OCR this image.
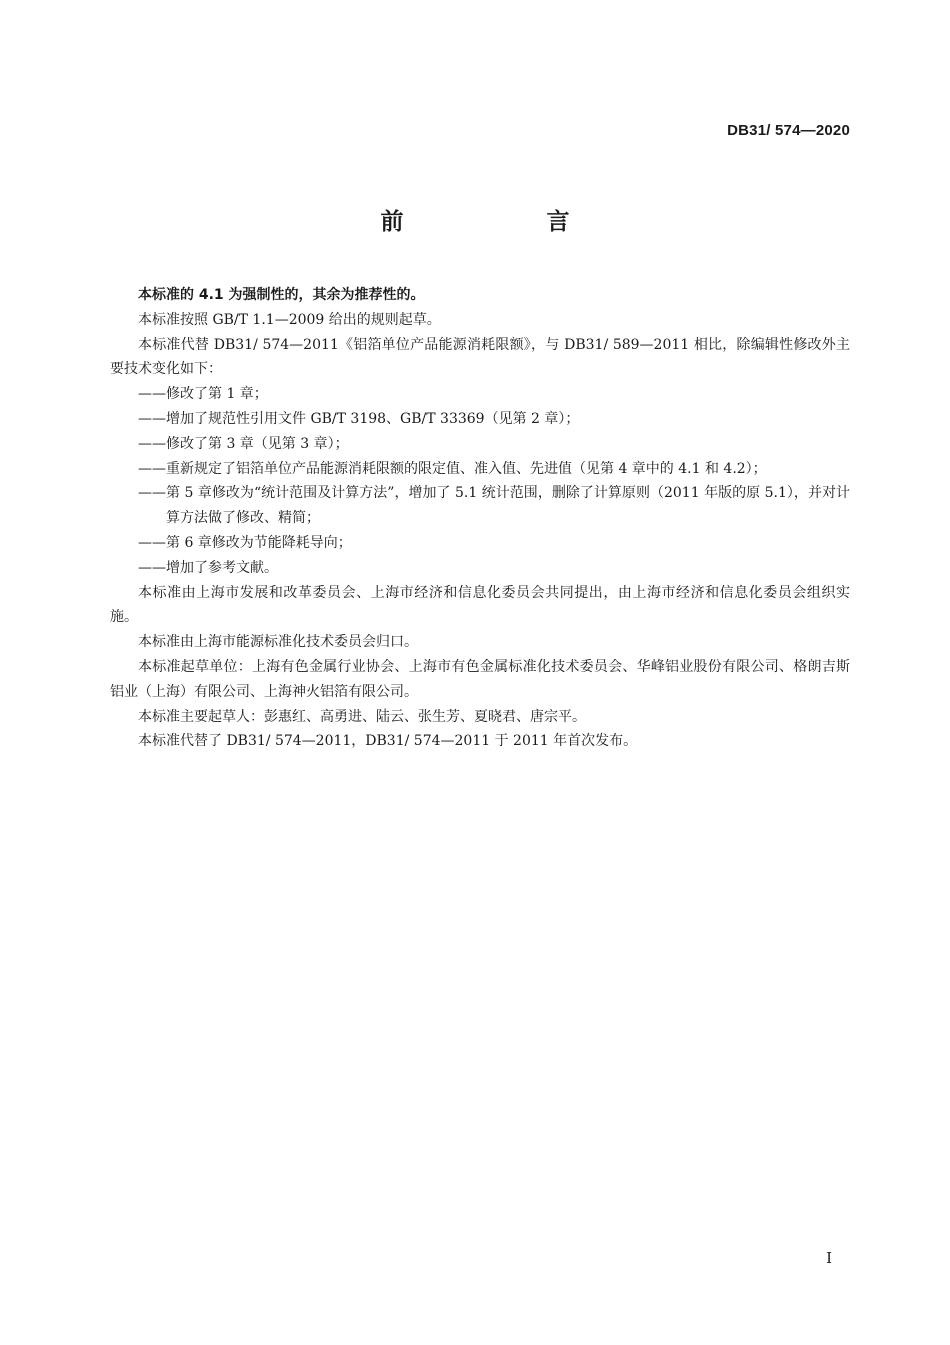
DB31/ 574—2020
前　言

本标准的 4.1 为强制性的，其余为推荐性的。

本标准按照 GB/T 1.1—2009 给出的规则起草。

本标准代替 DB31/ 574—2011《铝箔单位产品能源消耗限额》，与 DB31/ 589—2011 相比，除编辑性修改外主要技术变化如下：

——修改了第 1 章；

——增加了规范性引用文件 GB/T 3198、GB/T 33369（见第 2 章）；

——修改了第 3 章（见第 3 章）；

——重新规定了铝箔单位产品能源消耗限额的限定值、准入值、先进值（见第 4 章中的 4.1 和 4.2）；

——第 5 章修改为“统计范围及计算方法”，增加了 5.1 统计范围，删除了计算原则（2011 年版的原 5.1），并对计算方法做了修改、精简；

——第 6 章修改为节能降耗导向；

——增加了参考文献。

本标准由上海市发展和改革委员会、上海市经济和信息化委员会共同提出，由上海市经济和信息化委员会组织实施。

本标准由上海市能源标准化技术委员会归口。

本标准起草单位：上海有色金属行业协会、上海市有色金属标准化技术委员会、华峰铝业股份有限公司、格朗吉斯铝业（上海）有限公司、上海神火铝箔有限公司。

本标准主要起草人：彭惠红、高勇进、陆云、张生芳、夏晓君、唐宗平。

本标准代替了 DB31/ 574—2011，DB31/ 574—2011 于 2011 年首次发布。

I
